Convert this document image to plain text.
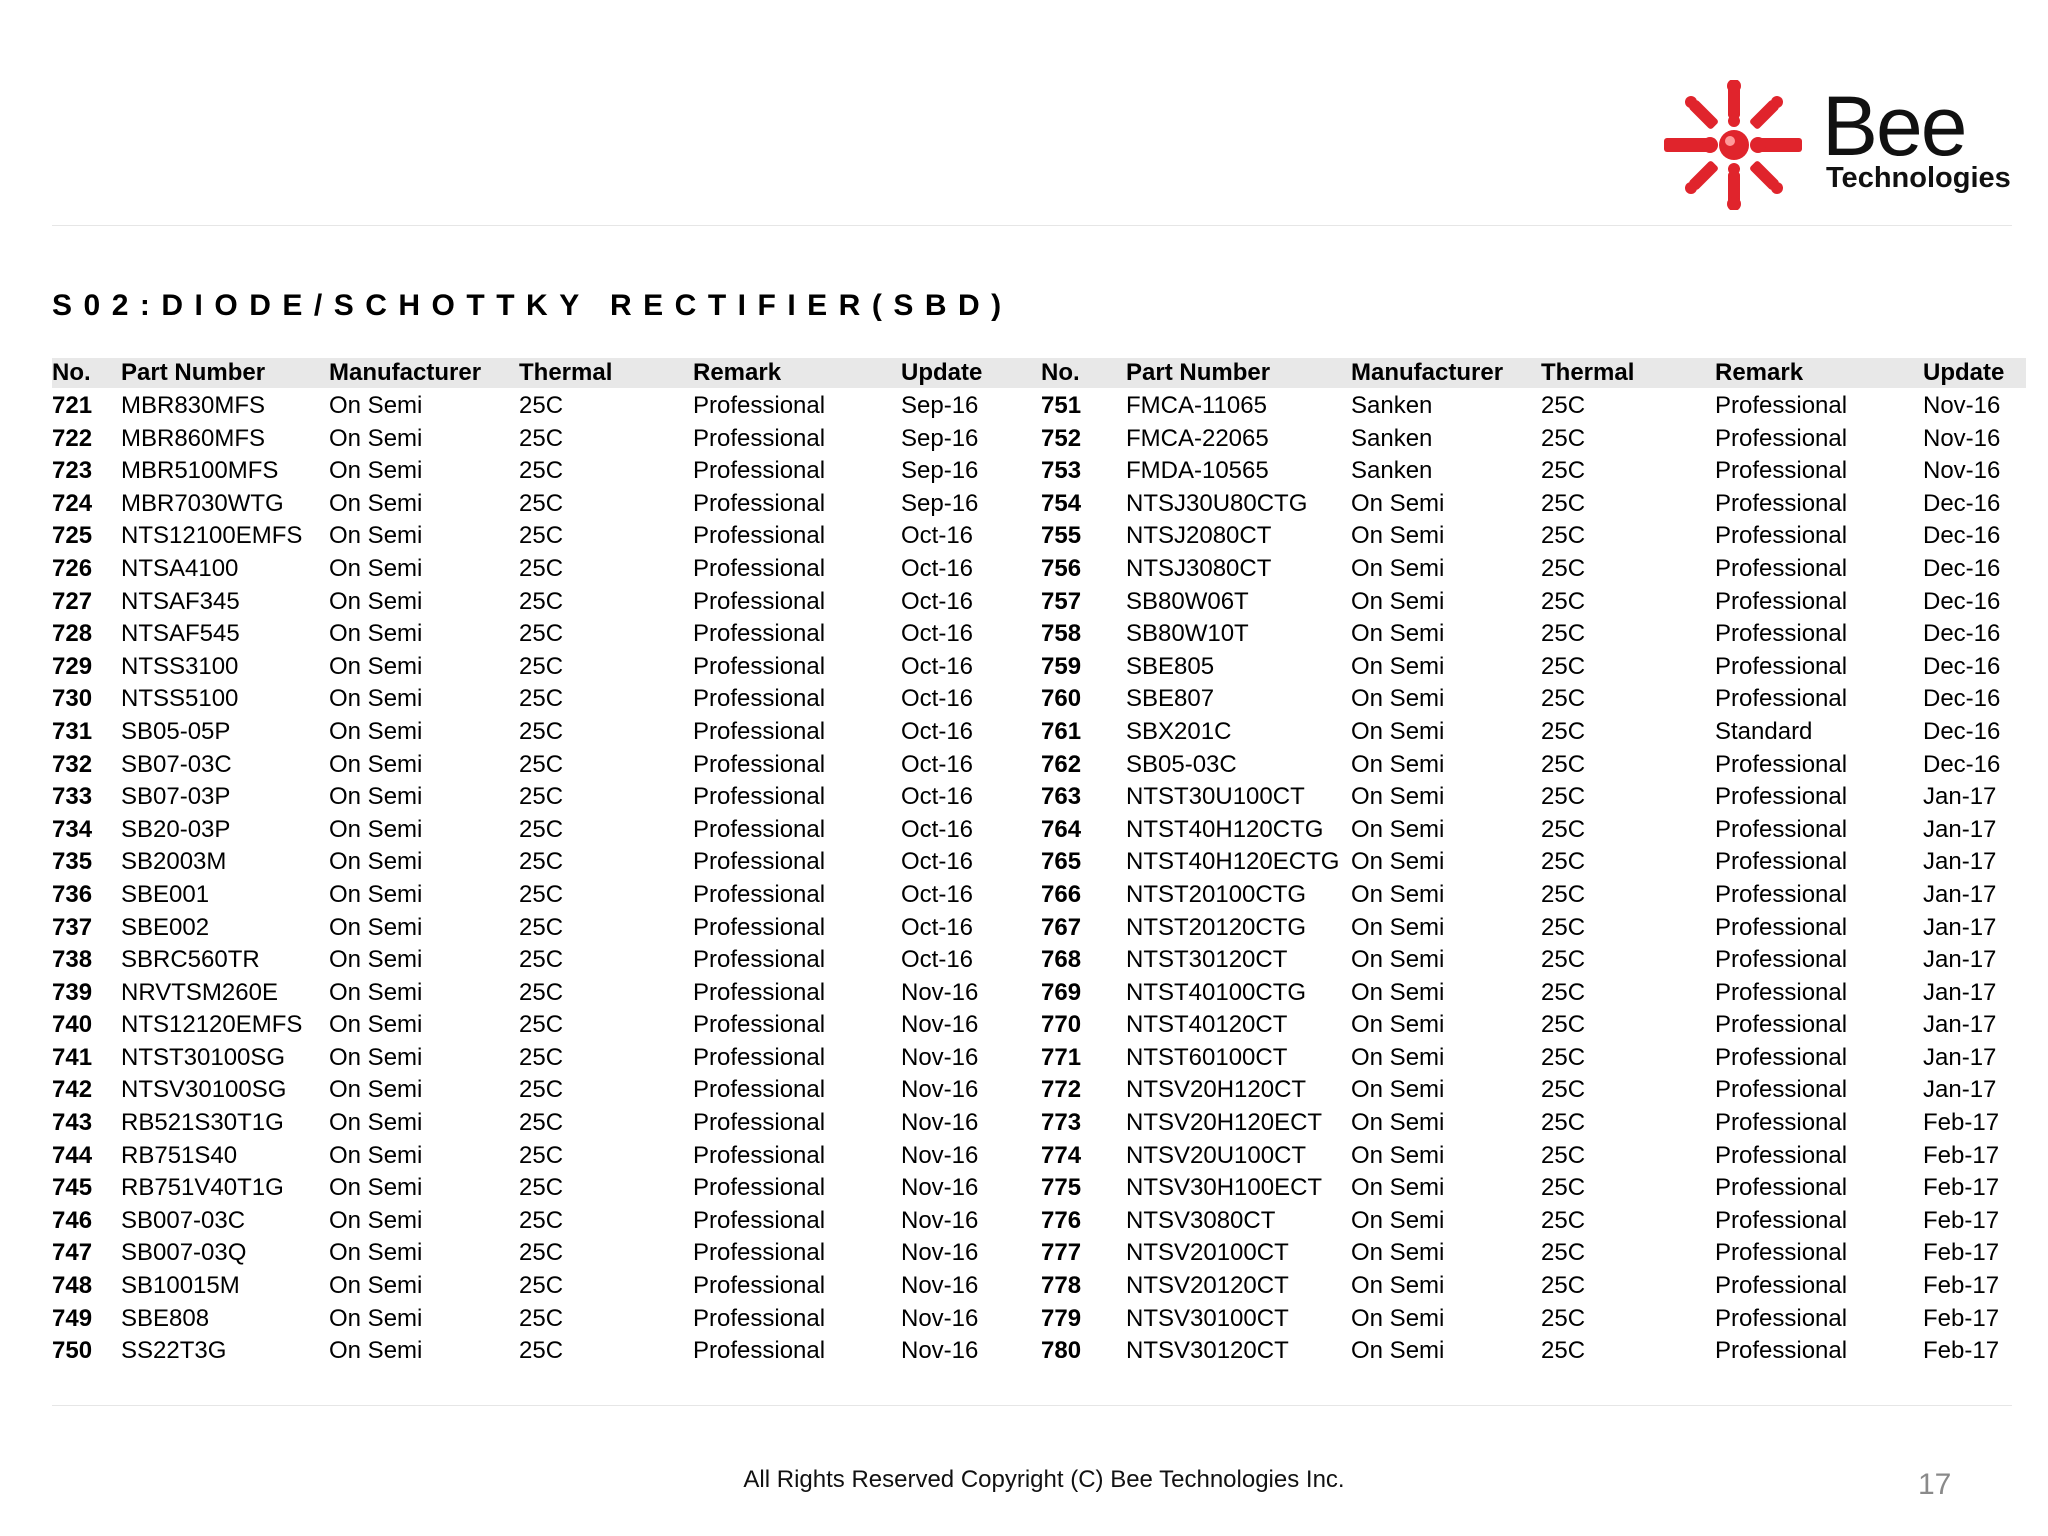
Bee
Technologies
S02:DIODE/SCHOTTKY RECTIFIER(SBD)
No. Part Number	Manufacturer Thermal	Remark	Update No. Part Number	Manufacturer Thermal	Remark	Update
721 MBR830MFS	On Semi	25C	Professional	Sep-16	751 FMCA-11065	Sanken	25C	Professional	Nov-16
722 MBR860MFS	On Semi	25C	Professional	Sep-16	752 FMCA-22065	Sanken	25C	Professional	Nov-16
723 MBR5100MFS On Semi	25C	Professional	Sep-16	753 FMDA-10565	Sanken	25C	Professional	Nov-16
724 MBR7030WTG On Semi	25C	Professional	Sep-16	754 NTSJ30U80CTG On Semi	25C	Professional	Dec-16
725 NTS12100EMFS On Semi	25C	Professional	Oct-16	755 NTSJ2080CT	On Semi	25C	Professional	Dec-16
726 NTSA4100	On Semi	25C	Professional	Oct-16	756 NTSJ3080CT	On Semi	25C	Professional	Dec-16
727 NTSAF345	On Semi	25C	Professional	Oct-16	757 SB80W06T	On Semi	25C	Professional	Dec-16
728 NTSAF545	On Semi	25C	Professional	Oct-16	758 SB80W10T	On Semi	25C	Professional	Dec-16
729 NTSS3100	On Semi	25C	Professional	Oct-16	759 SBE805	On Semi	25C	Professional	Dec-16
730 NTSS5100	On Semi	25C	Professional	Oct-16	760 SBE807	On Semi	25C	Professional	Dec-16
731 SB05-05P	On Semi	25C	Professional	Oct-16	761 SBX201C	On Semi	25C	Standard	Dec-16
732 SB07-03C	On Semi	25C	Professional	Oct-16	762 SB05-03C	On Semi	25C	Professional	Dec-16
733 SB07-03P	On Semi	25C	Professional	Oct-16	763 NTST30U100CT On Semi	25C	Professional	Jan-17
734 SB20-03P	On Semi	25C	Professional	Oct-16	764 NTST40H120CTG On Semi	25C	Professional	Jan-17
735 SB2003M	On Semi	25C	Professional	Oct-16	765 NTST40H120ECTG On Semi	25C	Professional	Jan-17
736 SBE001	On Semi	25C	Professional	Oct-16	766 NTST20100CTG On Semi	25C	Professional	Jan-17
737 SBE002	On Semi	25C	Professional	Oct-16	767 NTST20120CTG On Semi	25C	Professional	Jan-17
738 SBRC560TR	On Semi	25C	Professional	Oct-16	768 NTST30120CT	On Semi	25C	Professional	Jan-17
739 NRVTSM260E On Semi	25C	Professional	Nov-16	769 NTST40100CTG On Semi	25C	Professional	Jan-17
740 NTS12120EMFS On Semi	25C	Professional	Nov-16	770 NTST40120CT	On Semi	25C	Professional	Jan-17
741 NTST30100SG On Semi	25C	Professional	Nov-16	771 NTST60100CT	On Semi	25C	Professional	Jan-17
742 NTSV30100SG On Semi	25C	Professional	Nov-16	772 NTSV20H120CT On Semi	25C	Professional	Jan-17
743 RB521S30T1G On Semi	25C	Professional	Nov-16	773 NTSV20H120ECT On Semi	25C	Professional	Feb-17
744 RB751S40	On Semi	25C	Professional	Nov-16	774 NTSV20U100CT On Semi	25C	Professional	Feb-17
745 RB751V40T1G On Semi	25C	Professional	Nov-16	775 NTSV30H100ECT On Semi	25C	Professional	Feb-17
746 SB007-03C	On Semi	25C	Professional	Nov-16	776 NTSV3080CT	On Semi	25C	Professional	Feb-17
747 SB007-03Q	On Semi	25C	Professional	Nov-16	777 NTSV20100CT	On Semi	25C	Professional	Feb-17
748 SB10015M	On Semi	25C	Professional	Nov-16	778 NTSV20120CT	On Semi	25C	Professional	Feb-17
749 SBE808	On Semi	25C	Professional	Nov-16	779 NTSV30100CT	On Semi	25C	Professional	Feb-17
750 SS22T3G	On Semi	25C	Professional	Nov-16	780 NTSV30120CT	On Semi	25C	Professional	Feb-17
All Rights Reserved Copyright (C) Bee Technologies Inc.	17
